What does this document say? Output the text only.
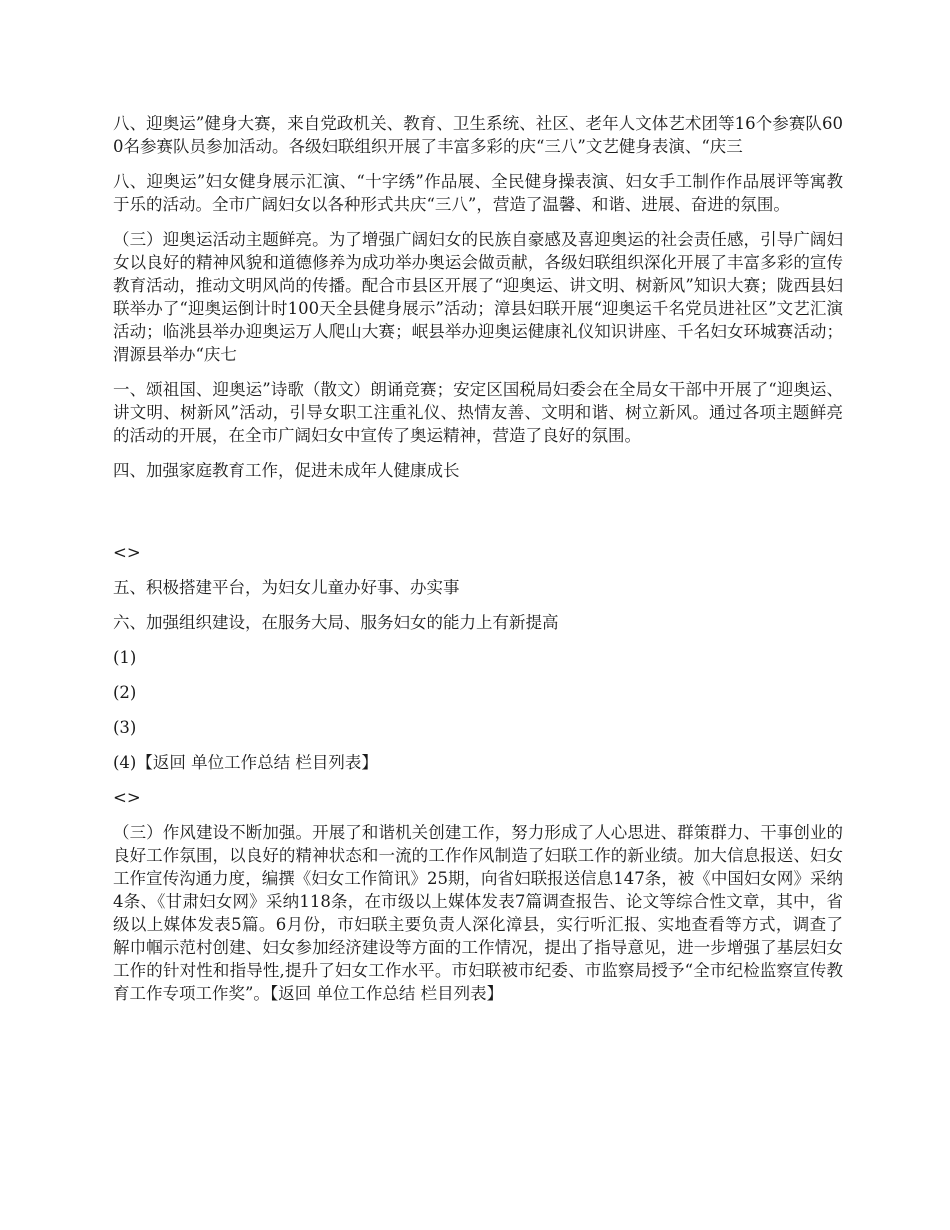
八、迎奥运”健身大赛，来自党政机关、教育、卫生系统、社区、老年人文体艺术团等16个参赛队600名参赛队员参加活动。各级妇联组织开展了丰富多彩的庆“三八”文艺健身表演、“庆三

八、迎奥运”妇女健身展示汇演、“十字绣”作品展、全民健身操表演、妇女手工制作作品展评等寓教于乐的活动。全市广阔妇女以各种形式共庆“三八”，营造了温馨、和谐、进展、奋进的氛围。

（三）迎奥运活动主题鲜亮。为了增强广阔妇女的民族自豪感及喜迎奥运的社会责任感，引导广阔妇女以良好的精神风貌和道德修养为成功举办奥运会做贡献，各级妇联组织深化开展了丰富多彩的宣传教育活动，推动文明风尚的传播。配合市县区开展了“迎奥运、讲文明、树新风”知识大赛；陇西县妇联举办了“迎奥运倒计时100天全县健身展示”活动；漳县妇联开展“迎奥运千名党员进社区”文艺汇演活动；临洮县举办迎奥运万人爬山大赛；岷县举办迎奥运健康礼仪知识讲座、千名妇女环城赛活动；渭源县举办“庆七

一、颂祖国、迎奥运”诗歌（散文）朗诵竞赛；安定区国税局妇委会在全局女干部中开展了“迎奥运、讲文明、树新风”活动，引导女职工注重礼仪、热情友善、文明和谐、树立新风。通过各项主题鲜亮的活动的开展，在全市广阔妇女中宣传了奥运精神，营造了良好的氛围。

四、加强家庭教育工作，促进未成年人健康成长

<>

五、积极搭建平台，为妇女儿童办好事、办实事

六、加强组织建设，在服务大局、服务妇女的能力上有新提高

(1)

(2)

(3)

(4)【返回 单位工作总结 栏目列表】

<>

（三）作风建设不断加强。开展了和谐机关创建工作，努力形成了人心思进、群策群力、干事创业的良好工作氛围，以良好的精神状态和一流的工作作风制造了妇联工作的新业绩。加大信息报送、妇女工作宣传沟通力度，编撰《妇女工作简讯》25期，向省妇联报送信息147条，被《中国妇女网》采纳4条、《甘肃妇女网》采纳118条，在市级以上媒体发表7篇调查报告、论文等综合性文章，其中，省级以上媒体发表5篇。6月份，市妇联主要负责人深化漳县，实行听汇报、实地查看等方式，调查了解巾帼示范村创建、妇女参加经济建设等方面的工作情况，提出了指导意见，进一步增强了基层妇女工作的针对性和指导性,提升了妇女工作水平。市妇联被市纪委、市监察局授予“全市纪检监察宣传教育工作专项工作奖”。【返回 单位工作总结 栏目列表】
